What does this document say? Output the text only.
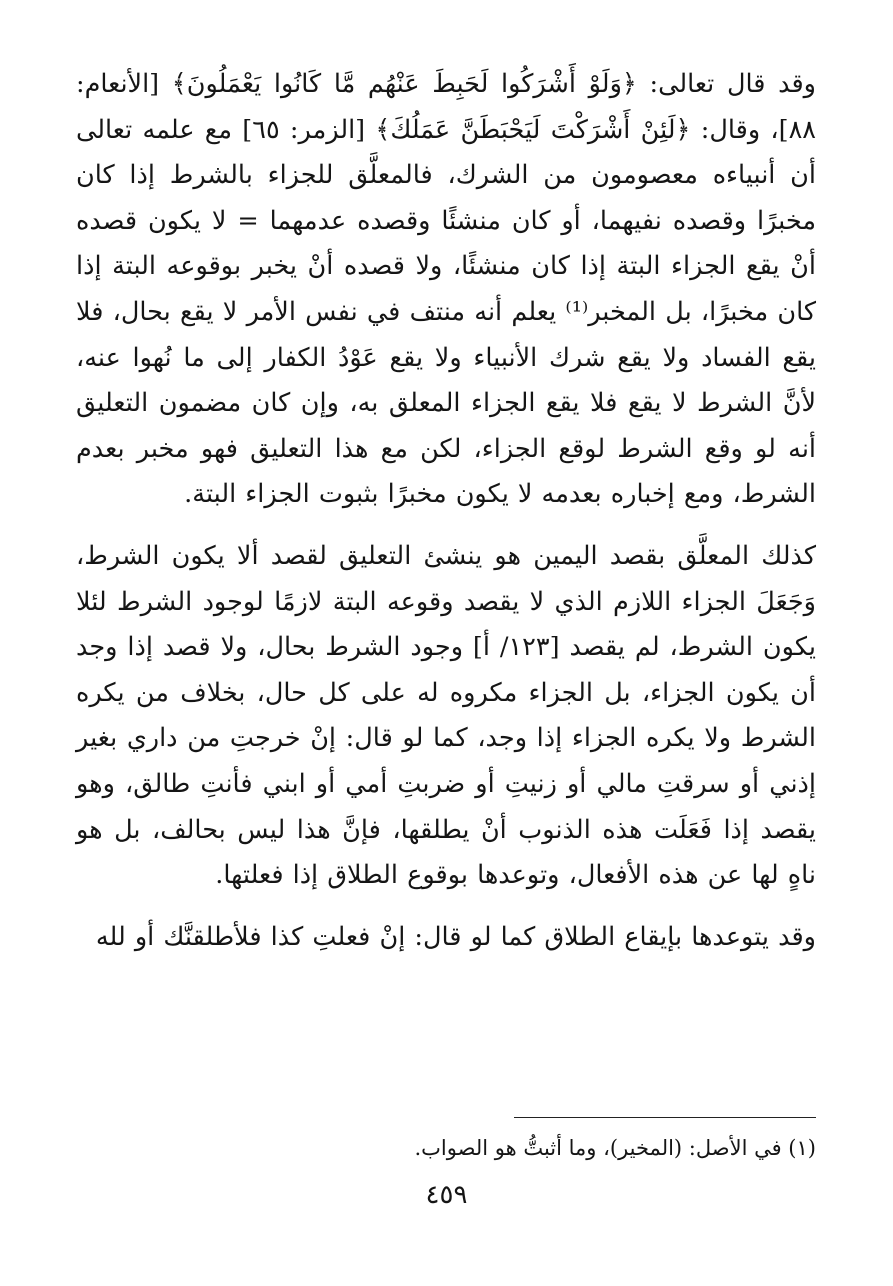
وقد قال تعالى: ﴿وَلَوْ أَشْرَكُوا لَحَبِطَ عَنْهُم مَّا كَانُوا يَعْمَلُونَ﴾ [الأنعام: ٨٨]، وقال: ﴿لَئِنْ أَشْرَكْتَ لَيَحْبَطَنَّ عَمَلُكَ﴾ [الزمر: ٦٥] مع علمه تعالى أن أنبياءه معصومون من الشرك، فالمعلَّق للجزاء بالشرط إذا كان مخبرًا وقصده نفيهما، أو كان منشئًا وقصده عدمهما = لا يكون قصده أنْ يقع الجزاء البتة إذا كان منشئًا، ولا قصده أنْ يخبر بوقوعه البتة إذا كان مخبرًا، بل المخبر⁽¹⁾ يعلم أنه منتف في نفس الأمر لا يقع بحال، فلا يقع الفساد ولا يقع شرك الأنبياء ولا يقع عَوْدُ الكفار إلى ما نُهوا عنه، لأنَّ الشرط لا يقع فلا يقع الجزاء المعلق به، وإن كان مضمون التعليق أنه لو وقع الشرط لوقع الجزاء، لكن مع هذا التعليق فهو مخبر بعدم الشرط، ومع إخباره بعدمه لا يكون مخبرًا بثبوت الجزاء البتة.

كذلك المعلَّق بقصد اليمين هو ينشئ التعليق لقصد ألا يكون الشرط، وَجَعَلَ الجزاء اللازم الذي لا يقصد وقوعه البتة لازمًا لوجود الشرط لئلا يكون الشرط، لم يقصد [١٢٣/ أ] وجود الشرط بحال، ولا قصد إذا وجد أن يكون الجزاء، بل الجزاء مكروه له على كل حال، بخلاف من يكره الشرط ولا يكره الجزاء إذا وجد، كما لو قال: إنْ خرجتِ من داري بغير إذني أو سرقتِ مالي أو زنيتِ أو ضربتِ أمي أو ابني فأنتِ طالق، وهو يقصد إذا فَعَلَت هذه الذنوب أنْ يطلقها، فإنَّ هذا ليس بحالف، بل هو ناهٍ لها عن هذه الأفعال، وتوعدها بوقوع الطلاق إذا فعلتها.

وقد يتوعدها بإيقاع الطلاق كما لو قال: إنْ فعلتِ كذا فلأطلقنَّك أو لله

(١) في الأصل: (المخير)، وما أثبتُّ هو الصواب.

٤٥٩
